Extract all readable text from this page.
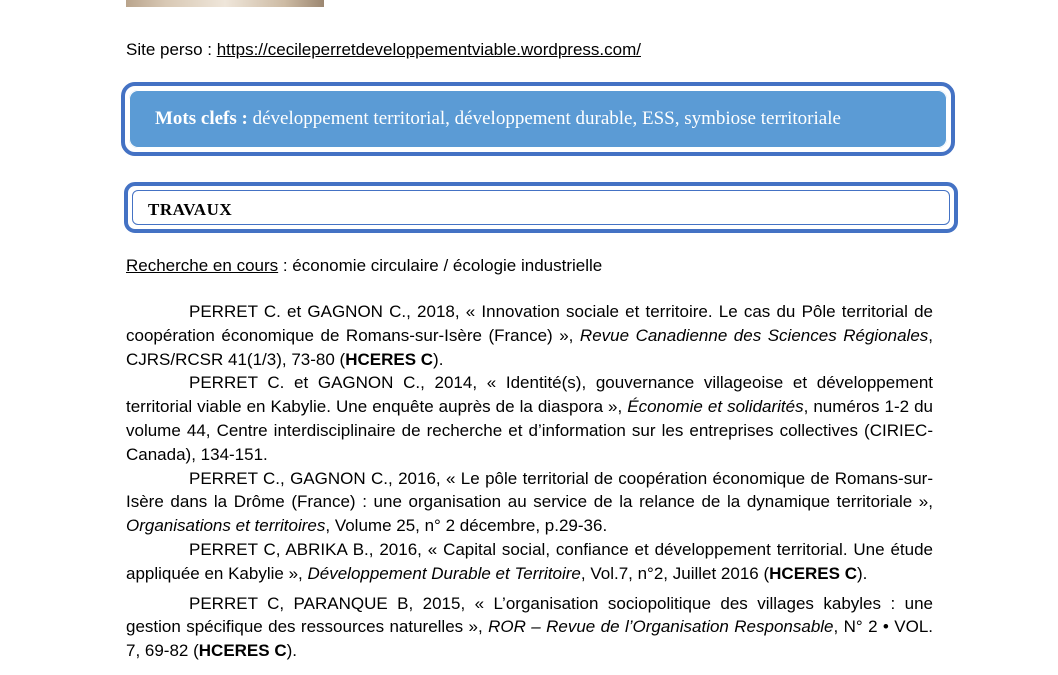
Site perso : https://cecileperretdeveloppementviable.wordpress.com/
Mots clefs : développement territorial, développement durable, ESS, symbiose territoriale
TRAVAUX
Recherche en cours : économie circulaire / écologie industrielle

PERRET C. et GAGNON C., 2018, « Innovation sociale et territoire. Le cas du Pôle territorial de coopération économique de Romans-sur-Isère (France) », Revue Canadienne des Sciences Régionales, CJRS/RCSR 41(1/3), 73-80 (HCERES C).

PERRET C. et GAGNON C., 2014, « Identité(s), gouvernance villageoise et développement territorial viable en Kabylie. Une enquête auprès de la diaspora », Économie et solidarités, numéros 1-2 du volume 44, Centre interdisciplinaire de recherche et d’information sur les entreprises collectives (CIRIEC-Canada), 134-151.

PERRET C., GAGNON C., 2016, « Le pôle territorial de coopération économique de Romans-sur-Isère dans la Drôme (France) : une organisation au service de la relance de la dynamique territoriale », Organisations et territoires, Volume 25, n° 2 décembre, p.29-36.

PERRET C, ABRIKA B., 2016, « Capital social, confiance et développement territorial. Une étude appliquée en Kabylie », Développement Durable et Territoire, Vol.7, n°2, Juillet 2016 (HCERES C).

PERRET C, PARANQUE B, 2015, « L’organisation sociopolitique des villages kabyles : une gestion spécifique des ressources naturelles », ROR – Revue de l’Organisation Responsable, N° 2 • VOL. 7, 69-82 (HCERES C).
